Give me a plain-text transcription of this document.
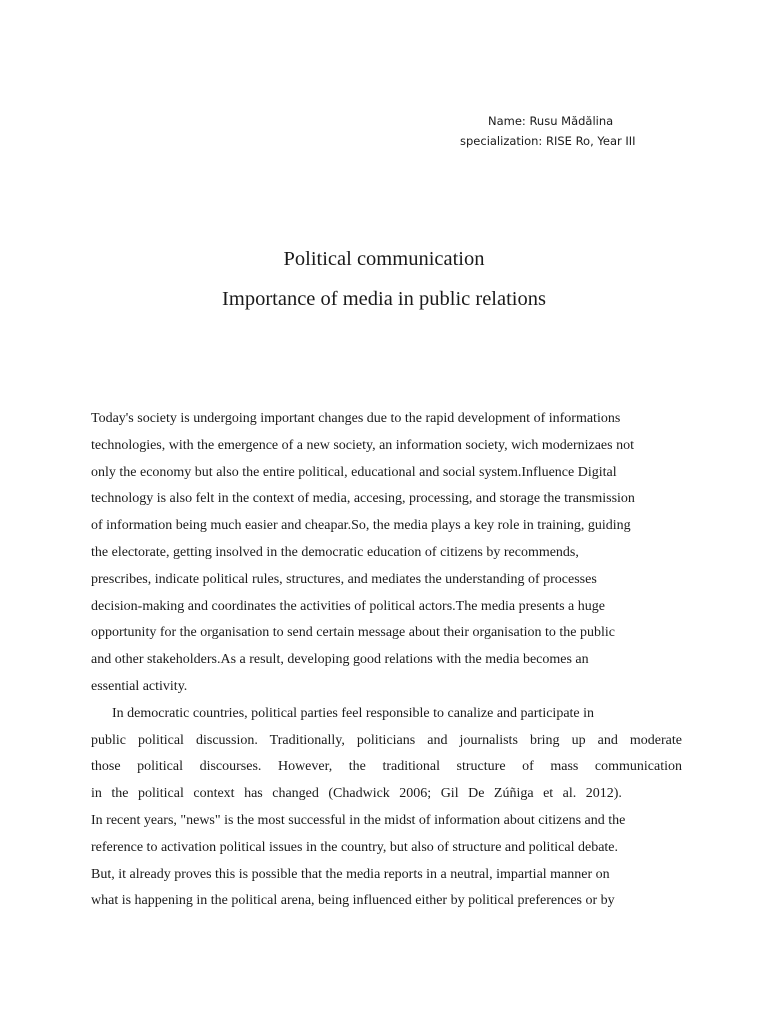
Name: Rusu Mădălina
specialization: RISE Ro, Year III
Political communication
Importance of media in public relations
Today's society is undergoing important changes due to the rapid development of informations
technologies, with the emergence of a new society, an information society, wich modernizaes not
only the economy but also the entire political, educational and social system.Influence Digital
technology is also felt in the context of media, accesing, processing, and storage the transmission
of information being much easier and cheapar.So, the media plays a key role in training, guiding
the electorate, getting insolved in the democratic education of citizens by recommends,
prescribes, indicate political rules, structures, and mediates the understanding of processes
decision-making and coordinates the activities of political actors.The media presents a huge
opportunity for the organisation to send certain message about their organisation to the public
and other stakeholders.As a result, developing good relations with the media becomes an
essential activity.
In democratic countries, political parties feel responsible to canalize and participate in
public political discussion. Traditionally, politicians and journalists bring up and moderate
those political discourses. However, the traditional structure of mass communication
in the political context has changed (Chadwick 2006; Gil De Zúñiga et al. 2012).
In recent years, "news" is the most successful in the midst of information about citizens and the
reference to activation political issues in the country, but also of structure and political debate.
But, it already proves this is possible that the media reports in a neutral, impartial manner on
what is happening in the political arena, being influenced either by political preferences or by
